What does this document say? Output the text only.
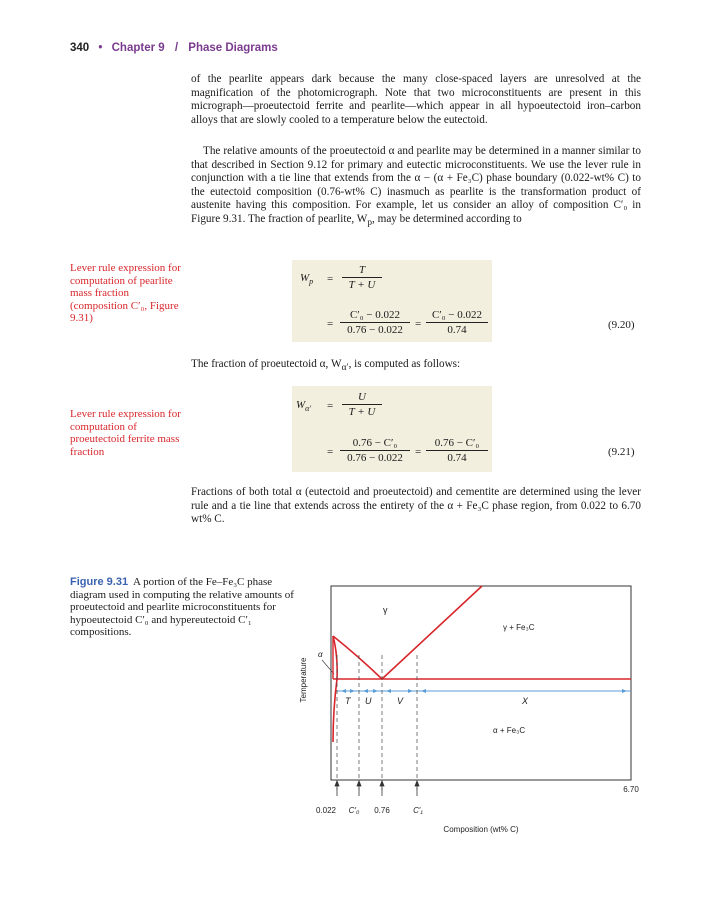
340 • Chapter 9 / Phase Diagrams

of the pearlite appears dark because the many close-spaced layers are unresolved at the magnification of the photomicrograph. Note that two microconstituents are present in this micrograph—proeutectoid ferrite and pearlite—which appear in all hypoeutectoid iron–carbon alloys that are slowly cooled to a temperature below the eutectoid.

The relative amounts of the proeutectoid α and pearlite may be determined in a manner similar to that described in Section 9.12 for primary and eutectic microconstituents. We use the lever rule in conjunction with a tie line that extends from the α − (α + Fe₃C) phase boundary (0.022-wt% C) to the eutectoid composition (0.76-wt% C) inasmuch as pearlite is the transformation product of austenite having this composition. For example, let us consider an alloy of composition C′₀ in Figure 9.31. The fraction of pearlite, $W_p$, may be determined according to

Lever rule expression for computation of pearlite mass fraction (composition C′₀, Figure 9.31)
$W_p = \frac{T}{T + U}$
= $\frac{\text{C′₀ − 0.022}}{0.76 - 0.022} = \frac{\text{C′₀ − 0.022}}{0.74}$	(9.20)

The fraction of proeutectoid α, $W_{\alpha'}$, is computed as follows:

Lever rule expression for computation of proeutectoid ferrite mass fraction
$W_{\alpha'} = \frac{U}{T + U}$
= $\frac{\text{0.76 − C′₀}}{0.76 - 0.022} = \frac{\text{0.76 − C′₀}}{0.74}$	(9.21)

Fractions of both total α (eutectoid and proeutectoid) and cementite are determined using the lever rule and a tie line that extends across the entirety of the α + Fe₃C phase region, from 0.022 to 6.70 wt% C.

Figure 9.31 A portion of the Fe–Fe₃C phase diagram used in computing the relative amounts of proeutectoid and pearlite microconstituents for hypoeutectoid C′₀ and hypereutectoid C′₁ compositions.
Temperature
γ
γ + Fe₃C
α
α + Fe₃C
T U	V	X
0.022 C′₀ 0.76	C′₁
6.70
Composition (wt% C)
